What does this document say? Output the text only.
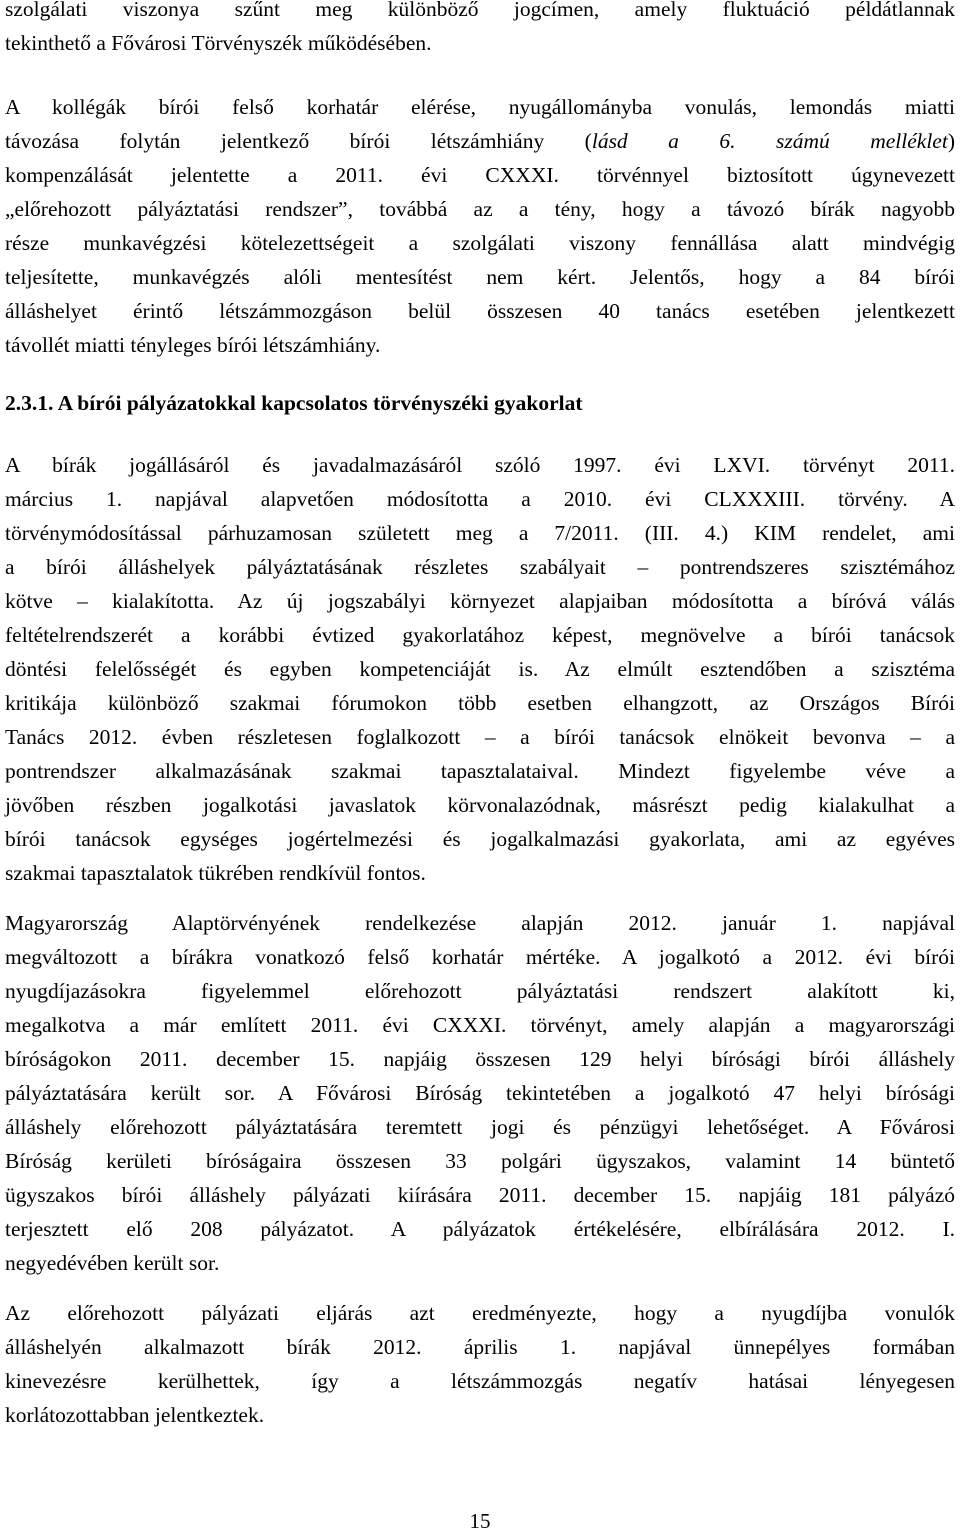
szolgálati viszonya szűnt meg különböző jogcímen, amely fluktuáció példátlannak
tekinthető a Fővárosi Törvényszék működésében.
A kollégák bírói felső korhatár elérése, nyugállományba vonulás, lemondás miatti
távozása folytán jelentkező bírói létszámhiány (lásd a 6. számú melléklet)
kompenzálását jelentette a 2011. évi CXXXI. törvénnyel biztosított úgynevezett
„előrehozott pályáztatási rendszer”, továbbá az a tény, hogy a távozó bírák nagyobb
része munkavégzési kötelezettségeit a szolgálati viszony fennállása alatt mindvégig
teljesítette, munkavégzés alóli mentesítést nem kért. Jelentős, hogy a 84 bírói
álláshelyet érintő létszámmozgáson belül összesen 40 tanács esetében jelentkezett
távollét miatti tényleges bírói létszámhiány.
2.3.1. A bírói pályázatokkal kapcsolatos törvényszéki gyakorlat
A bírák jogállásáról és javadalmazásáról szóló 1997. évi LXVI. törvényt 2011.
március 1. napjával alapvetően módosította a 2010. évi CLXXXIII. törvény. A
törvénymódosítással párhuzamosan született meg a 7/2011. (III. 4.) KIM rendelet, ami
a bírói álláshelyek pályáztatásának részletes szabályait – pontrendszeres szisztémához
kötve – kialakította. Az új jogszabályi környezet alapjaiban módosította a bíróvá válás
feltételrendszerét a korábbi évtized gyakorlatához képest, megnövelve a bírói tanácsok
döntési felelősségét és egyben kompetenciáját is. Az elmúlt esztendőben a szisztéma
kritikája különböző szakmai fórumokon több esetben elhangzott, az Országos Bírói
Tanács 2012. évben részletesen foglalkozott – a bírói tanácsok elnökeit bevonva – a
pontrendszer alkalmazásának szakmai tapasztalataival. Mindezt figyelembe véve a
jövőben részben jogalkotási javaslatok körvonalazódnak, másrészt pedig kialakulhat a
bírói tanácsok egységes jogértelmezési és jogalkalmazási gyakorlata, ami az egyéves
szakmai tapasztalatok tükrében rendkívül fontos.
Magyarország Alaptörvényének rendelkezése alapján 2012. január 1. napjával
megváltozott a bírákra vonatkozó felső korhatár mértéke. A jogalkotó a 2012. évi bírói
nyugdíjazásokra figyelemmel előrehozott pályáztatási rendszert alakított ki,
megalkotva a már említett 2011. évi CXXXI. törvényt, amely alapján a magyarországi
bíróságokon 2011. december 15. napjáig összesen 129 helyi bírósági bírói álláshely
pályáztatására került sor. A Fővárosi Bíróság tekintetében a jogalkotó 47 helyi bírósági
álláshely előrehozott pályáztatására teremtett jogi és pénzügyi lehetőséget. A Fővárosi
Bíróság kerületi bíróságaira összesen 33 polgári ügyszakos, valamint 14 büntető
ügyszakos bírói álláshely pályázati kiírására 2011. december 15. napjáig 181 pályázó
terjesztett elő 208 pályázatot. A pályázatok értékelésére, elbírálására 2012. I.
negyedévében került sor.
Az előrehozott pályázati eljárás azt eredményezte, hogy a nyugdíjba vonulók
álláshelyén alkalmazott bírák 2012. április 1. napjával ünnepélyes formában
kinevezésre kerülhettek, így a létszámmozgás negatív hatásai lényegesen
korlátozottabban jelentkeztek.
15
